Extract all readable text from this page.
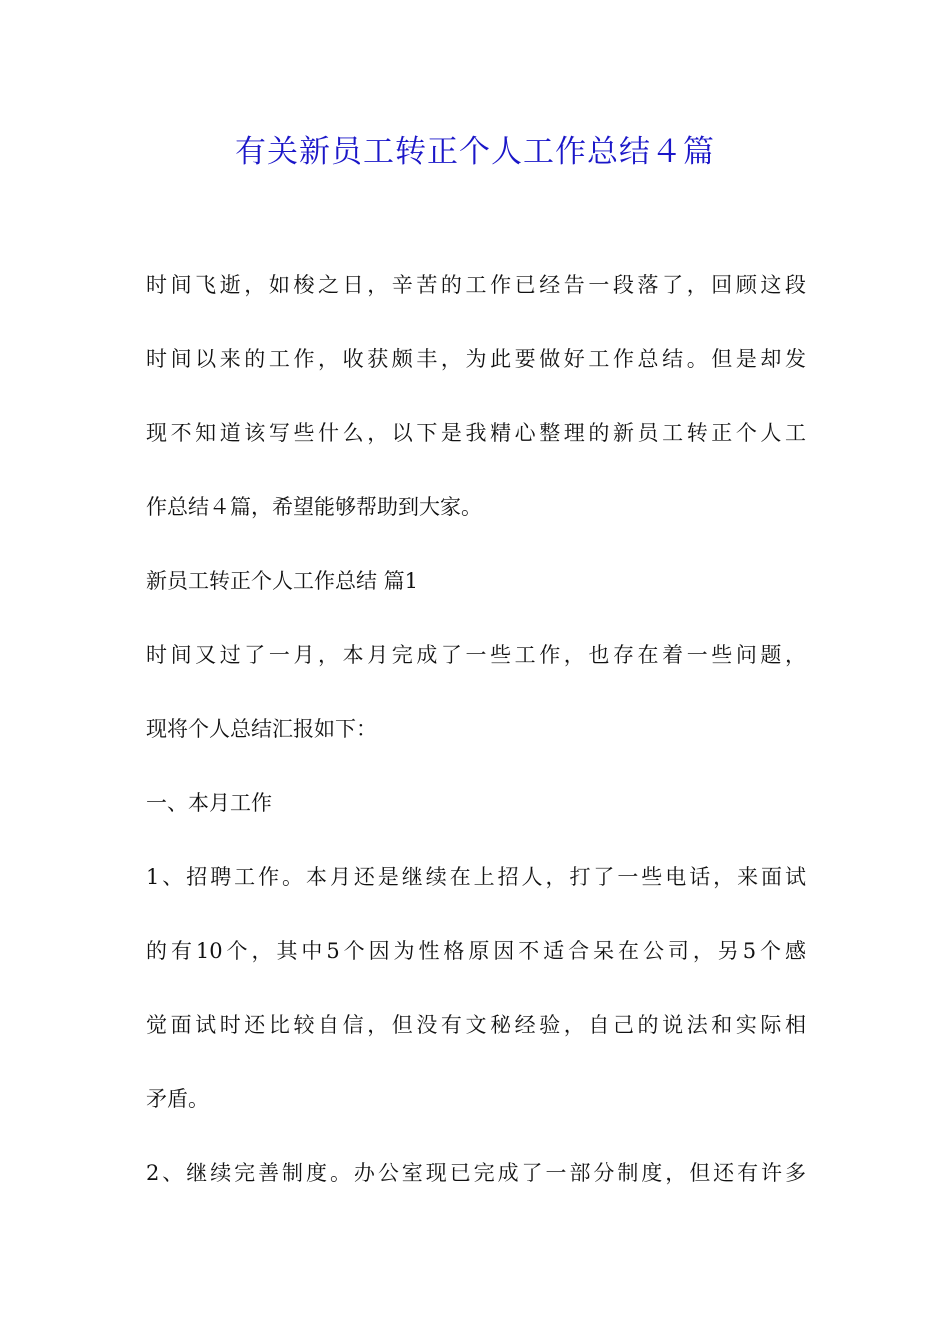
有关新员工转正个人工作总结４篇
时间飞逝，如梭之日，辛苦的工作已经告一段落了，回顾这段
时间以来的工作，收获颇丰，为此要做好工作总结。但是却发
现不知道该写些什么，以下是我精心整理的新员工转正个人工
作总结４篇，希望能够帮助到大家。
新员工转正个人工作总结 篇1
时间又过了一月，本月完成了一些工作，也存在着一些问题，
现将个人总结汇报如下：
一、本月工作
1、招聘工作。本月还是继续在上招人，打了一些电话，来面试
的有10个，其中5个因为性格原因不适合呆在公司，另5个感
觉面试时还比较自信，但没有文秘经验，自己的说法和实际相
矛盾。
2、继续完善制度。办公室现已完成了一部分制度，但还有许多
